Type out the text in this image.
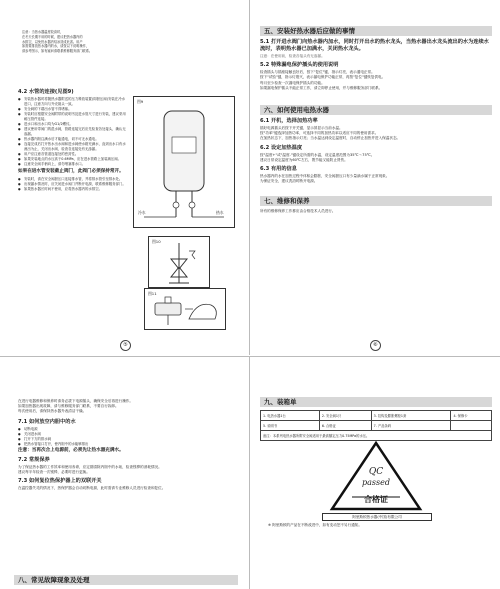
注意：当热水器温度较高时，

在冬天长期不用的时候，建议把热水器内的

水排空，以免热水器内结冰造成危害。用户

如需要排放热水器内的水，请按以下说明操作，

请参考图示，如有疑问请联系维修服务部门联系。

4.2 水管的连接(见图9)
● 安装热水器时将随热水器附送的压力释放装置(即泄压阀)安装在冷水进口，注意方向与外壳箭头一致。
● 安全阀的下端出水管不得堵塞。
● 安装时应根据安全阀附带的说明书及进水管尺寸进行安装，建议采用耐压管件连接。
● 进水口和出水口均为G1/2螺纹。
● 建议使用带阀门的混水阀，管路连接完后应先检查各处接头，确认无渗漏。
● 热水器内胆注满水后才能通电，切不可无水通电。
● 连接完成后打开热水出水阀和进水阀使水箱充满水，直到出水口有水流出为止，关闭出水阀，检查各连接处有无渗漏。
● 用户应注意各管道连接处的密封性。
● 如果安装地点的水压高于0.6MPa，应在进水管路上加装减压阀。
● 注意安全阀手柄向上，请勿堵塞排水口。
如果在进水管安装截止阀门，此阀门必须保持常开。
● 安装时，请在安全阀泄压口连接排水管，并将排水管引至排水处。
● 出现漏水情况时，应关闭进水阀门并断开电源，联系维修服务部门。
● 如果热水器长时间不使用，应将热水器内的水排空。
图9
冷水	热水
图10
图11
⑤
五、安装好热水器后应做的事情
5.1 打开进水阀门向热水器内加水，同时打开出水的热水龙头，当热水器出水龙头流出的水为连续水流时，表明热水器已加满水，关闭热水龙头。

注意：在使用前，检查各接头有无渗漏。

5.2 特殊漏电保护插头的使用说明

检查插头与插座接触良好后，按下"复位"键，指示灯亮，表示通电正常。

按下"试验"键，指示灯熄灭，表示漏电保护功能正常，再按"复位"键恢复供电。

每月至少检查一次漏电保护插头的功能。

如果漏电保护插头不能正常工作，请立即停止使用，并与维修服务部门联系。

六、如何使用电热水器
6.1 开机，选择加热功率

插好电源插头后按下开关键，显示屏显示当前水温。

按"功率"键选择加热功率，可选择不同的加热功率以适应不同的使用需求。

在加热状态下，加热指示灯亮；当水温达到设定温度时，自动停止加热并进入保温状态。

6.2 设定加热温度

按"温度+"或"温度-"键设定所需的水温，设定温度范围为35℃～75℃。

建议日常设定温度为60℃左右，既节能又能防止烫伤。

6.3 有用的信息

热水器内的水在加热过程中体积会膨胀，安全阀泄压口有少量滴水属于正常现象。

为保证安全，建议洗浴时断开电源。

七、维修和保养

所有的维修保养工作都应由合格技术人员进行。

⑥

在进行电器维修和保养时请务必拔下电源插头，确保安全后再进行操作。

如果加热器出现故障，请与维修服务部门联系，不要自行拆卸。

每次使用后，请保持热水器外表清洁干燥。

7.1 如何放空内胆中的水
● 切断电源
● 关闭进水阀
● 打开下方的排水阀
● 把热水管接口打开，使内胆中的水能够排出
注意：当再次合上电源前，必须先让热水器充满水。
7.2 常规保养

为了保证热水器的工作效率和使用寿命，应定期清除内胆中的水垢，检查镁棒的消耗情况。

建议每半年检查一次镁棒，必要时进行更换。

7.3 如何复位热保护器上的双联开关

在温控器失灵的情况下，热保护器会自动切断电源，此时需请专业维修人员进行检查和复位。

八、常见故障现象及处理
九、装箱单
1. 电热水器1台	2. 安全阀1只	3. 挂钩及膨胀螺栓1套	4. 保修卡
5. 说明书	6. 合格证	7. 产品条码	
备注：本系列电热水器所附安全阀适用于最高额定压力0.75MPa的水压。			
QC
passed
合格证
阿里斯顿热水器(中国)有限公司

※ 阿里斯顿的产品在不断改进中，如有变动恕不另行通知。
